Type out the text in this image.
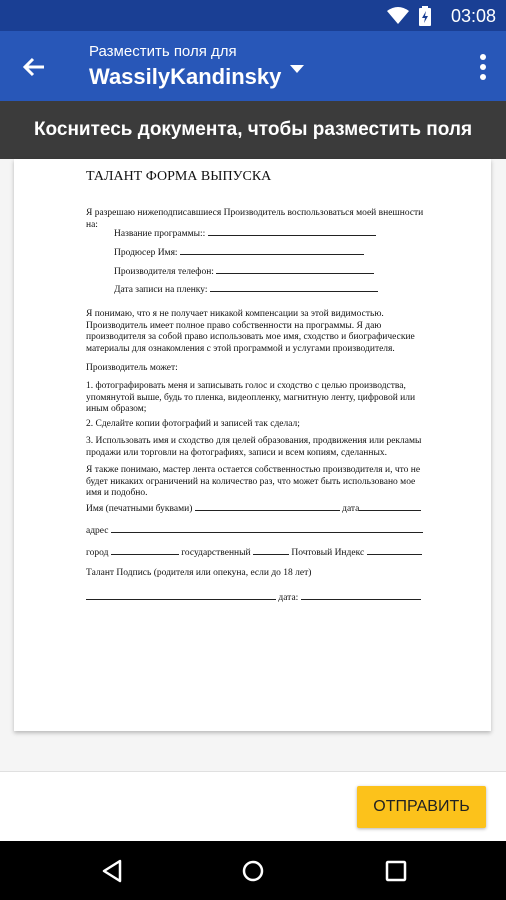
03:08
Разместить поля для
WassilyKandinsky
Коснитесь документа, чтобы разместить поля
ТАЛАНТ ФОРМА ВЫПУСКА
Я разрешаю нижеподписавшиеся Производитель воспользоваться моей внешности на:
Название программы::
Продюсер Имя:
Производителя телефон:
Дата записи на пленку:
Я понимаю, что я не получает никакой компенсации за этой видимостью.
Производитель имеет полное право собственности на программы. Я даю
производителя за собой право использовать мое имя, сходство и биографические
материалы для ознакомления с этой программой и услугами производителя.
Производитель может:
1. фотографировать меня и записывать голос и сходство с целью производства,
упомянутой выше, будь то пленка, видеопленку, магнитную ленту, цифровой или
иным образом;
2. Сделайте копии фотографий и записей так сделал;
3. Использовать имя и сходство для целей образования, продвижения или рекламы
продажи или торговли на фотографиях, записи и всем копиям, сделанных.
Я также понимаю, мастер лента остается собственностью производителя и, что не
будет никаких ограничений на количество раз, что может быть использовано мое
имя и подобно.
Имя (печатными буквами)	дата
адрес
город	государственный	Почтовый Индекс
Талант Подпись (родителя или опекуна, если до 18 лет)
дата:
ОТПРАВИТЬ
